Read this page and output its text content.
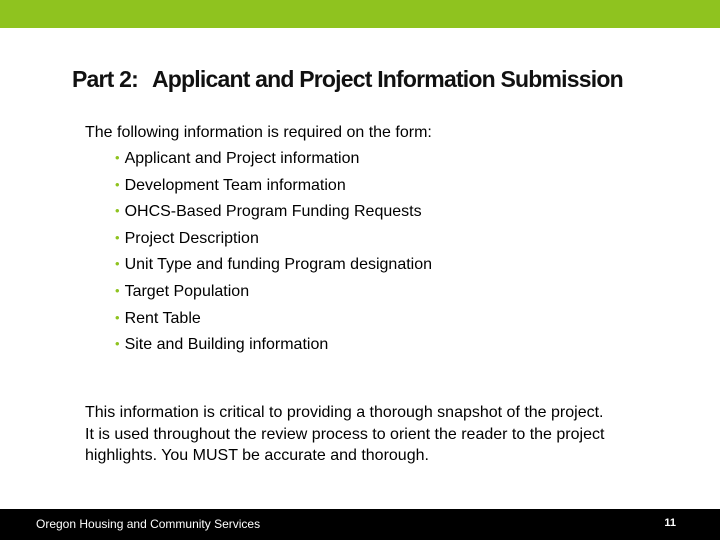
Part 2: Applicant and Project Information Submission
The following information is required on the form:
• Applicant and Project information
• Development Team information
• OHCS-Based Program Funding Requests
• Project Description
• Unit Type and funding Program designation
• Target Population
• Rent Table
• Site and Building information

This information is critical to providing a thorough snapshot of the project.

It is used throughout the review process to orient the reader to the project

highlights. You MUST be accurate and thorough.

Oregon Housing and Community Services	11
